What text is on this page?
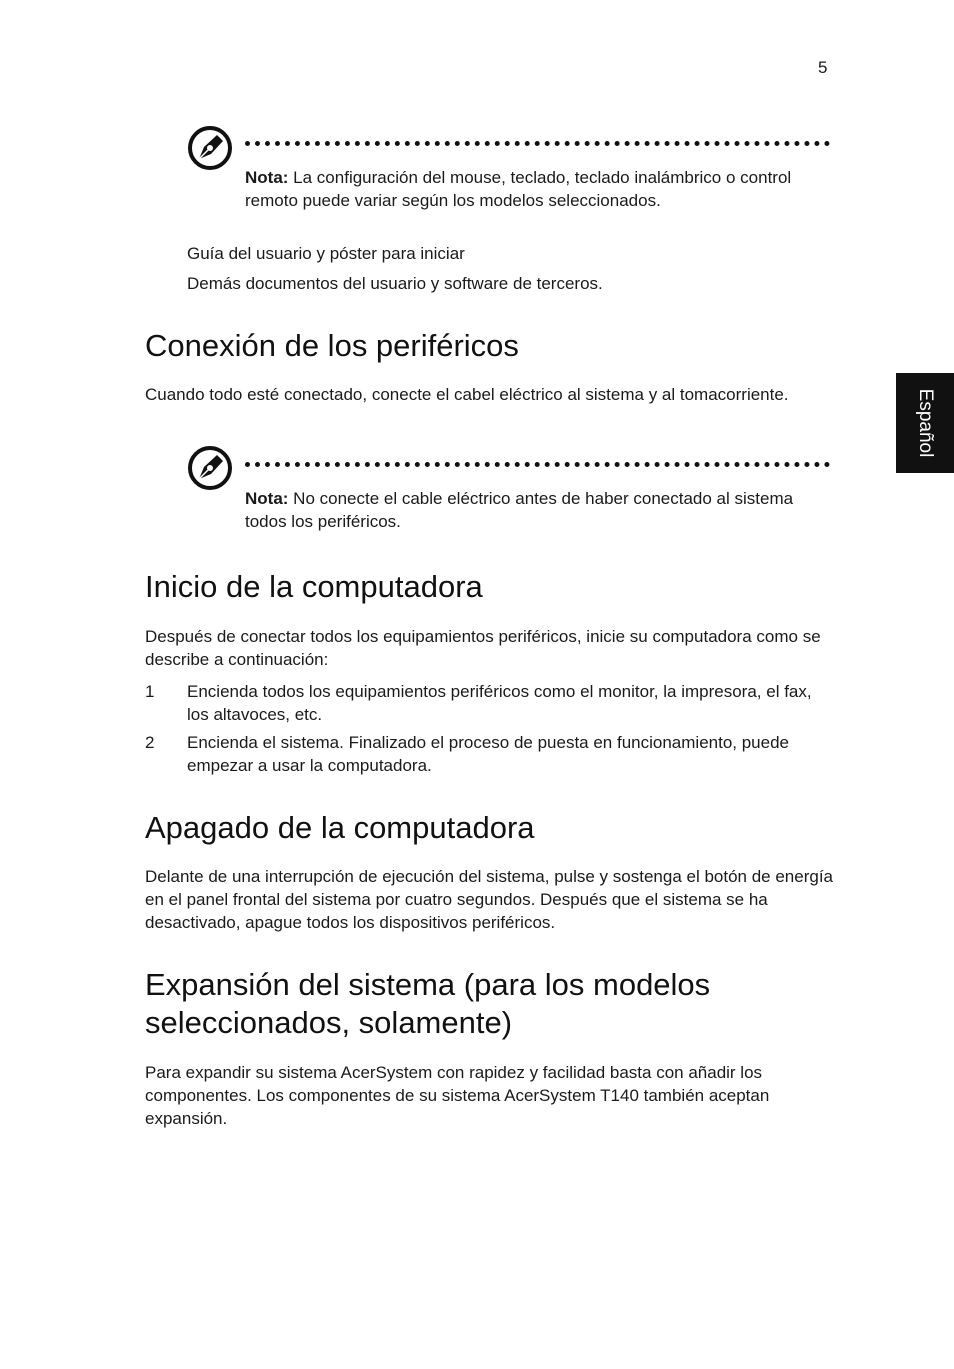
5
Español
Nota: La configuración del mouse, teclado, teclado inalámbrico o control remoto puede variar según los modelos seleccionados.
Guía del usuario y póster para iniciar
Demás documentos del usuario y software de terceros.
Conexión de los periféricos
Cuando todo esté conectado, conecte el cabel eléctrico al sistema y al tomacorriente.
Nota: No conecte el cable eléctrico antes de haber conectado al sistema todos los periféricos.
Inicio de la computadora
Después de conectar todos los equipamientos periféricos, inicie su computadora como se describe a continuación:
1 Encienda todos los equipamientos periféricos como el monitor, la impresora, el fax, los altavoces, etc.
2 Encienda el sistema. Finalizado el proceso de puesta en funcionamiento, puede empezar a usar la computadora.
Apagado de la computadora
Delante de una interrupción de ejecución del sistema, pulse y sostenga el botón de energía en el panel frontal del sistema por cuatro segundos. Después que el sistema se ha desactivado, apague todos los dispositivos periféricos.
Expansión del sistema (para los modelos seleccionados, solamente)
Para expandir su sistema AcerSystem con rapidez y facilidad basta con añadir los componentes. Los componentes de su sistema AcerSystem T140 también aceptan expansión.
